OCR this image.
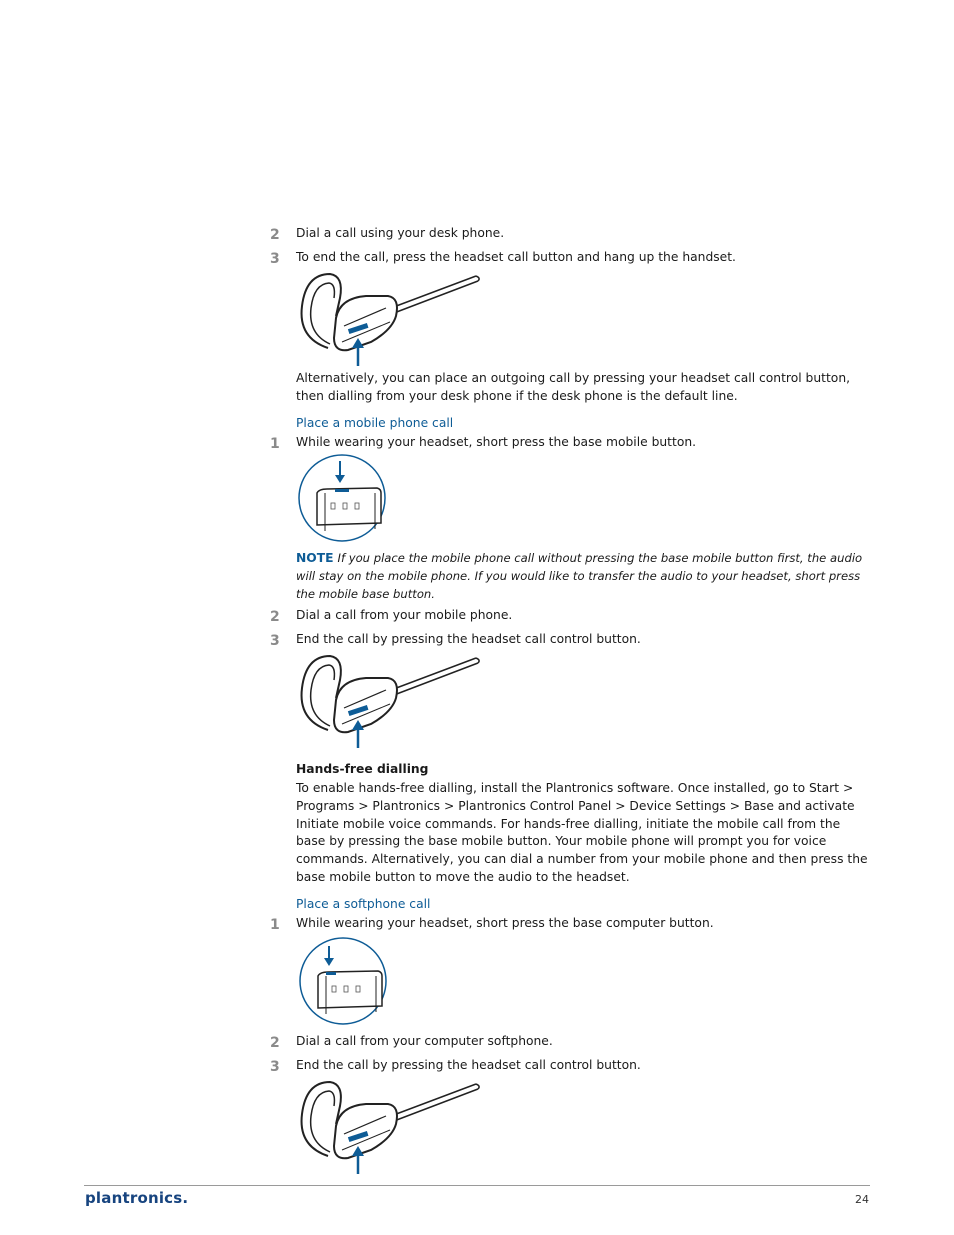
2	Dial a call using your desk phone.
3	To end the call, press the headset call button and hang up the handset.
Alternatively, you can place an outgoing call by pressing your headset call control button, then dialling from your desk phone if the desk phone is the default line.
Place a mobile phone call
1	While wearing your headset, short press the base mobile button.
NOTE If you place the mobile phone call without pressing the base mobile button first, the audio will stay on the mobile phone. If you would like to transfer the audio to your headset, short press the mobile base button.
2	Dial a call from your mobile phone.
3	End the call by pressing the headset call control button.
Hands-free dialling
To enable hands-free dialling, install the Plantronics software. Once installed, go to Start > Programs > Plantronics > Plantronics Control Panel > Device Settings > Base and activate Initiate mobile voice commands. For hands-free dialling, initiate the mobile call from the base by pressing the base mobile button. Your mobile phone will prompt you for voice commands. Alternatively, you can dial a number from your mobile phone and then press the base mobile button to move the audio to the headset.
Place a softphone call
1	While wearing your headset, short press the base computer button.
2	Dial a call from your computer softphone.
3	End the call by pressing the headset call control button.
plantronics.	24
